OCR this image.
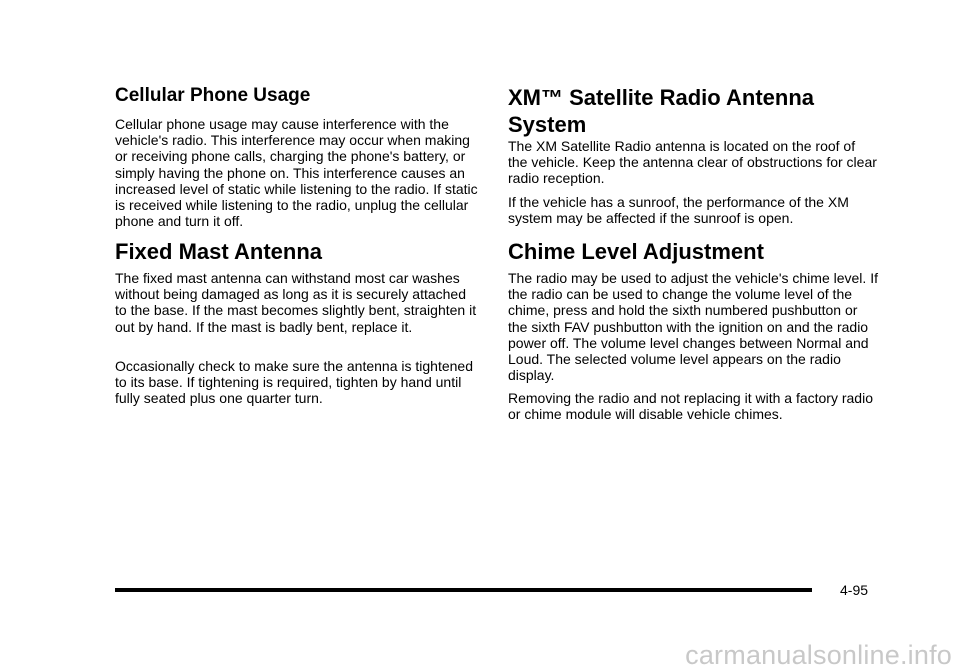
Cellular Phone Usage

Cellular phone usage may cause interference with the vehicle's radio. This interference may occur when making or receiving phone calls, charging the phone's battery, or simply having the phone on. This interference causes an increased level of static while listening to the radio. If static is received while listening to the radio, unplug the cellular phone and turn it off.

Fixed Mast Antenna

The fixed mast antenna can withstand most car washes without being damaged as long as it is securely attached to the base. If the mast becomes slightly bent, straighten it out by hand. If the mast is badly bent, replace it.

Occasionally check to make sure the antenna is tightened to its base. If tightening is required, tighten by hand until fully seated plus one quarter turn.

XM™ Satellite Radio Antenna System

The XM Satellite Radio antenna is located on the roof of the vehicle. Keep the antenna clear of obstructions for clear radio reception.

If the vehicle has a sunroof, the performance of the XM system may be affected if the sunroof is open.

Chime Level Adjustment

The radio may be used to adjust the vehicle's chime level. If the radio can be used to change the volume level of the chime, press and hold the sixth numbered pushbutton or the sixth FAV pushbutton with the ignition on and the radio power off. The volume level changes between Normal and Loud. The selected volume level appears on the radio display.

Removing the radio and not replacing it with a factory radio or chime module will disable vehicle chimes.

4-95
carmanualsonline.info
